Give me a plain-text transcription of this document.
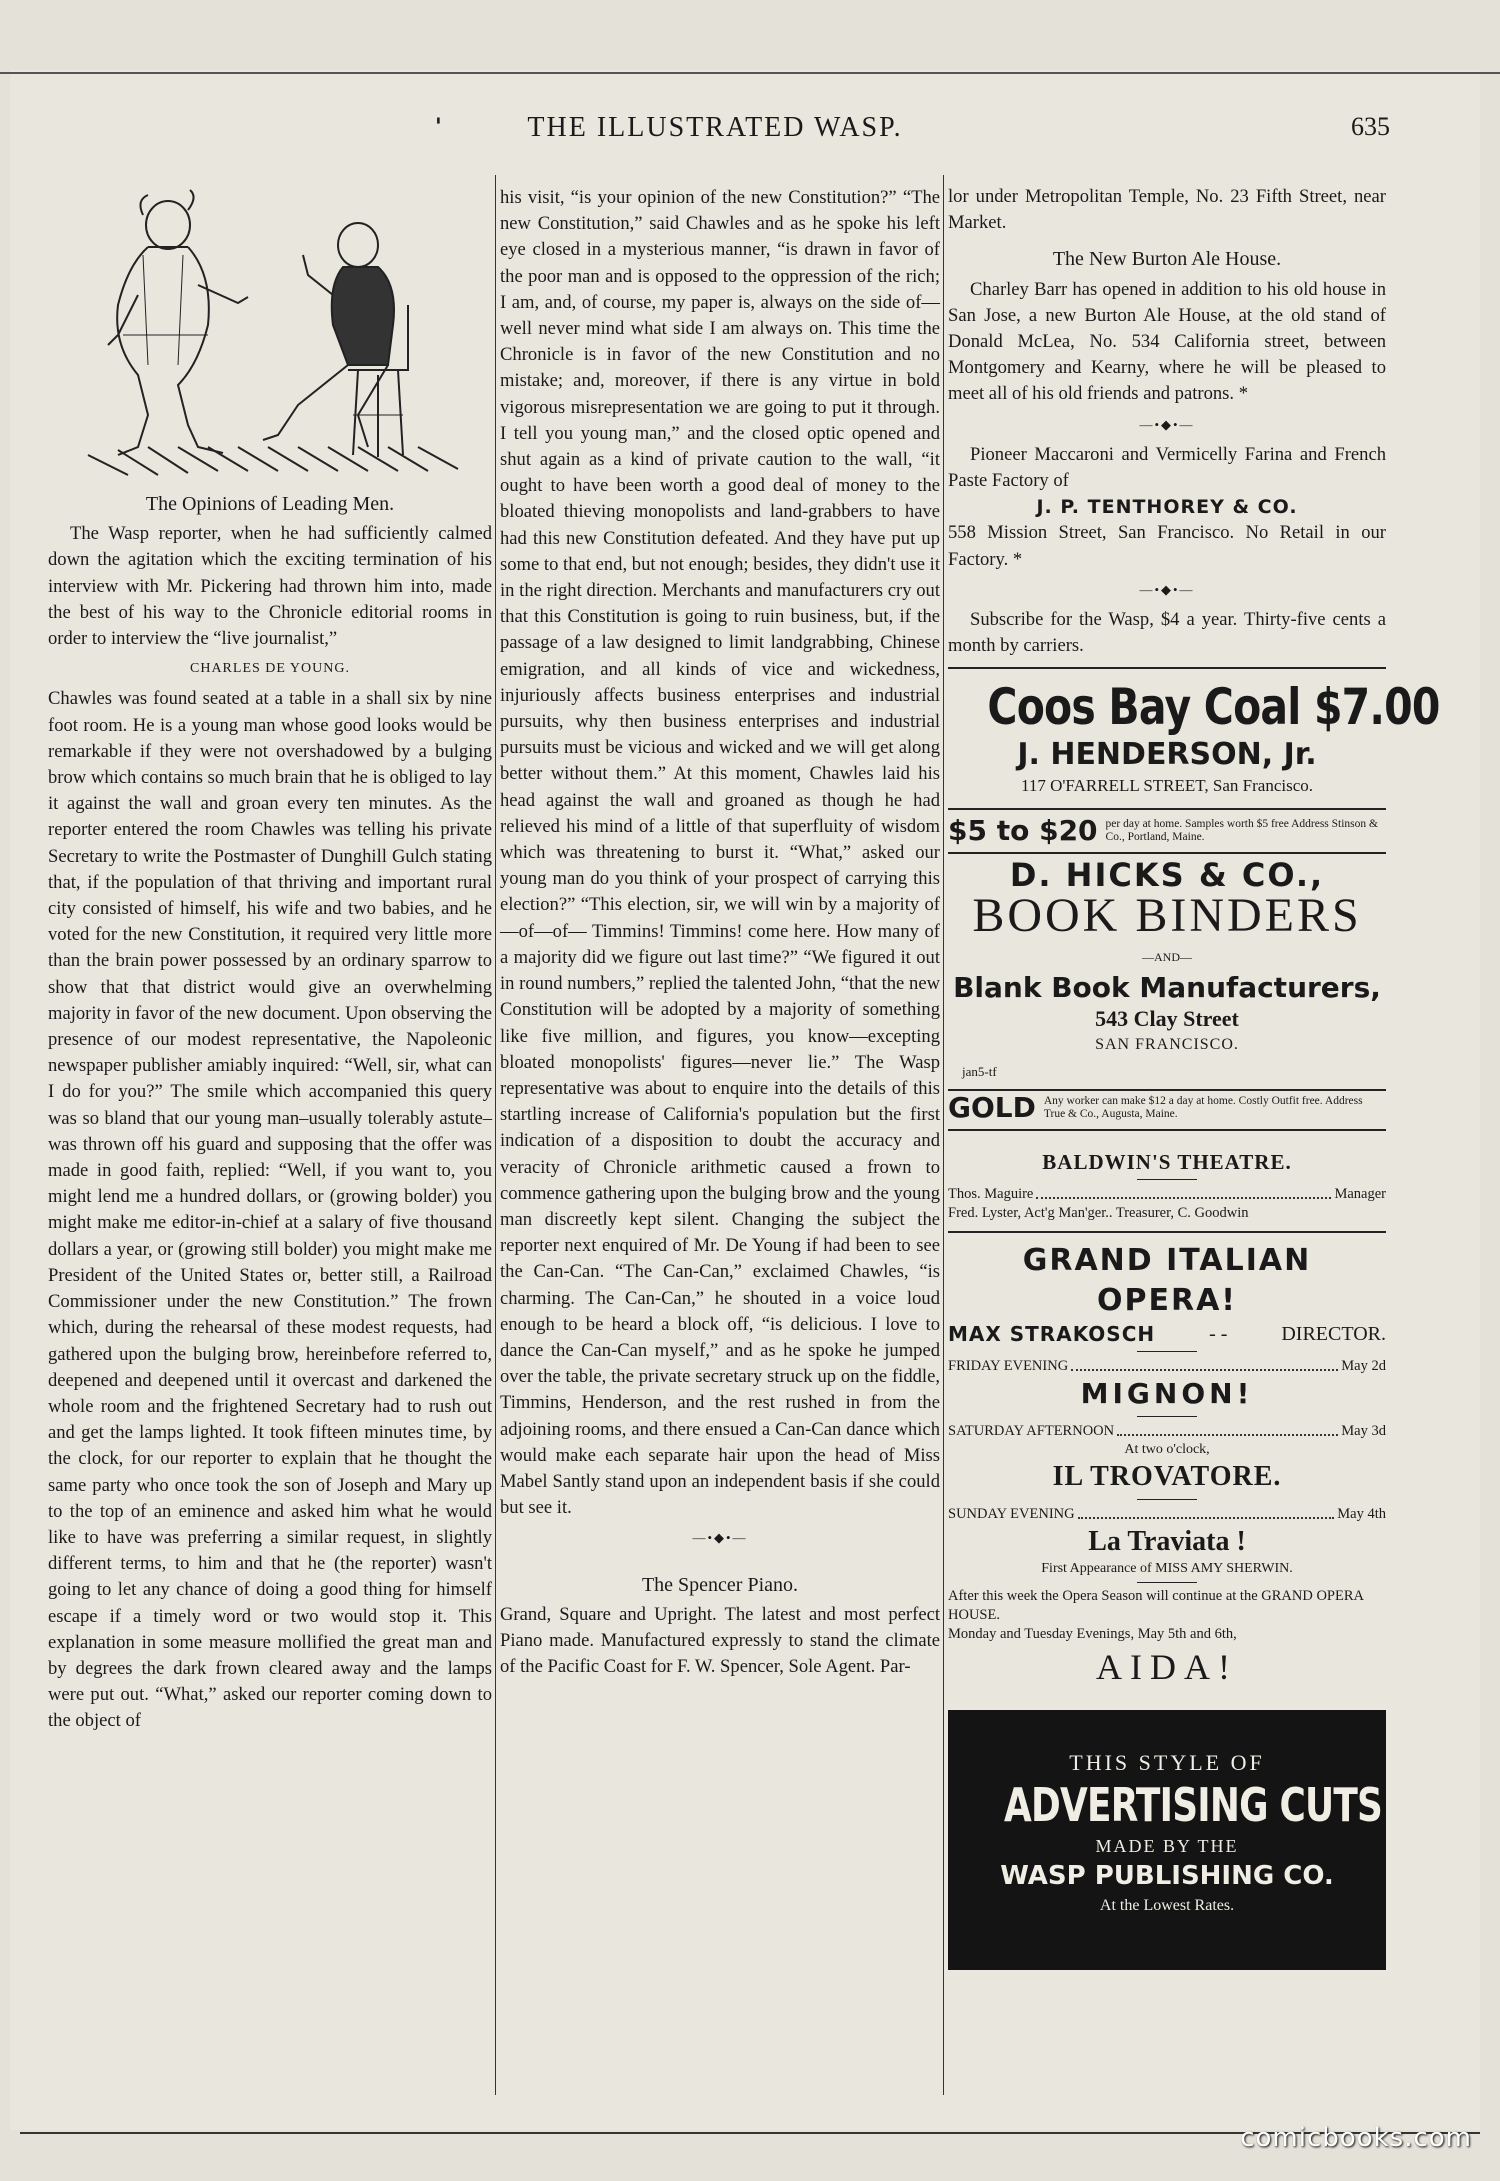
'	THE ILLUSTRATED WASP.	635
The Opinions of Leading Men.

The Wasp reporter, when he had sufficiently calmed down the agitation which the exciting termination of his interview with Mr. Pickering had thrown him into, made the best of his way to the Chronicle editorial rooms in order to interview the “live journalist,”

CHARLES DE YOUNG.

Chawles was found seated at a table in a shall six by nine foot room. He is a young man whose good looks would be remarkable if they were not overshadowed by a bulging brow which contains so much brain that he is obliged to lay it against the wall and groan every ten minutes. As the reporter entered the room Chawles was telling his private Secretary to write the Postmaster of Dunghill Gulch stating that, if the population of that thriving and important rural city consisted of himself, his wife and two babies, and he voted for the new Constitution, it required very little more than the brain power possessed by an ordinary sparrow to show that that district would give an overwhelming majority in favor of the new document. Upon observing the presence of our modest representative, the Napoleonic newspaper publisher amiably inquired: “Well, sir, what can I do for you?” The smile which accompanied this query was so bland that our young man–usually tolerably astute–was thrown off his guard and supposing that the offer was made in good faith, replied: “Well, if you want to, you might lend me a hundred dollars, or (growing bolder) you might make me editor-in-chief at a salary of five thousand dollars a year, or (growing still bolder) you might make me President of the United States or, better still, a Railroad Commissioner under the new Constitution.” The frown which, during the rehearsal of these modest requests, had gathered upon the bulging brow, hereinbefore referred to, deepened and deepened until it overcast and darkened the whole room and the frightened Secretary had to rush out and get the lamps lighted. It took fifteen minutes time, by the clock, for our reporter to explain that he thought the same party who once took the son of Joseph and Mary up to the top of an eminence and asked him what he would like to have was preferring a similar request, in slightly different terms, to him and that he (the reporter) wasn't going to let any chance of doing a good thing for himself escape if a timely word or two would stop it. This explanation in some measure mollified the great man and by degrees the dark frown cleared away and the lamps were put out. “What,” asked our reporter coming down to the object of

his visit, “is your opinion of the new Constitution?” “The new Constitution,” said Chawles and as he spoke his left eye closed in a mysterious manner, “is drawn in favor of the poor man and is opposed to the oppression of the rich; I am, and, of course, my paper is, always on the side of—well never mind what side I am always on. This time the Chronicle is in favor of the new Constitution and no mistake; and, moreover, if there is any virtue in bold vigorous misrepresentation we are going to put it through. I tell you young man,” and the closed optic opened and shut again as a kind of private caution to the wall, “it ought to have been worth a good deal of money to the bloated thieving monopolists and land-grabbers to have had this new Constitution defeated. And they have put up some to that end, but not enough; besides, they didn't use it in the right direction. Merchants and manufacturers cry out that this Constitution is going to ruin business, but, if the passage of a law designed to limit landgrabbing, Chinese emigration, and all kinds of vice and wickedness, injuriously affects business enterprises and industrial pursuits, why then business enterprises and industrial pursuits must be vicious and wicked and we will get along better without them.” At this moment, Chawles laid his head against the wall and groaned as though he had relieved his mind of a little of that superfluity of wisdom which was threatening to burst it. “What,” asked our young man do you think of your prospect of carrying this election?” “This election, sir, we will win by a majority of—of—of— Timmins! Timmins! come here. How many of a majority did we figure out last time?” “We figured it out in round numbers,” replied the talented John, “that the new Constitution will be adopted by a majority of something like five million, and figures, you know—excepting bloated monopolists' figures—never lie.” The Wasp representative was about to enquire into the details of this startling increase of California's population but the first indication of a disposition to doubt the accuracy and veracity of Chronicle arithmetic caused a frown to commence gathering upon the bulging brow and the young man discreetly kept silent. Changing the subject the reporter next enquired of Mr. De Young if had been to see the Can-Can. “The Can-Can,” exclaimed Chawles, “is charming. The Can-Can,” he shouted in a voice loud enough to be heard a block off, “is delicious. I love to dance the Can-Can myself,” and as he spoke he jumped over the table, the private secretary struck up on the fiddle, Timmins, Henderson, and the rest rushed in from the adjoining rooms, and there ensued a Can-Can dance which would make each separate hair upon the head of Miss Mabel Santly stand upon an independent basis if she could but see it.

—•◆•—
The Spencer Piano.

Grand, Square and Upright. The latest and most perfect Piano made. Manufactured expressly to stand the climate of the Pacific Coast for F. W. Spencer, Sole Agent. Par-

lor under Metropolitan Temple, No. 23 Fifth Street, near Market.

The New Burton Ale House.

Charley Barr has opened in addition to his old house in San Jose, a new Burton Ale House, at the old stand of Donald McLea, No. 534 California street, between Montgomery and Kearny, where he will be pleased to meet all of his old friends and patrons. *

—•◆•—

Pioneer Maccaroni and Vermicelly Farina and French Paste Factory of

J. P. TENTHOREY & CO.

558 Mission Street, San Francisco. No Retail in our Factory. *

—•◆•—

Subscribe for the Wasp, $4 a year. Thirty-five cents a month by carriers.

Coos Bay Coal $7.00
J. HENDERSON, Jr.
117 O'FARRELL STREET, San Francisco.
$5 to $20 per day at home. Samples worth $5 free Address Stinson & Co., Portland, Maine.
D. HICKS & CO.,
BOOK BINDERS
—AND—
Blank Book Manufacturers,
543 Clay Street
SAN FRANCISCO.
jan5-tf
GOLD Any worker can make $12 a day at home. Costly Outfit free. Address True & Co., Augusta, Maine.
BALDWIN'S THEATRE.
Thos. Maguire	Manager
Fred. Lyster, Act'g Man'ger.. Treasurer, C. Goodwin
GRAND ITALIAN OPERA!
MAX STRAKOSCH	- -	DIRECTOR.
FRIDAY EVENING	May 2d
MIGNON!
SATURDAY AFTERNOON	May 3d
At two o'clock,
IL TROVATORE.
SUNDAY EVENING	May 4th
La Traviata !
First Appearance of MISS AMY SHERWIN.
After this week the Opera Season will continue at the GRAND OPERA HOUSE.
Monday and Tuesday Evenings, May 5th and 6th,
AIDA!
THIS STYLE OF
ADVERTISING CUTS
MADE BY THE
WASP PUBLISHING CO.
At the Lowest Rates.
comicbooks.com
